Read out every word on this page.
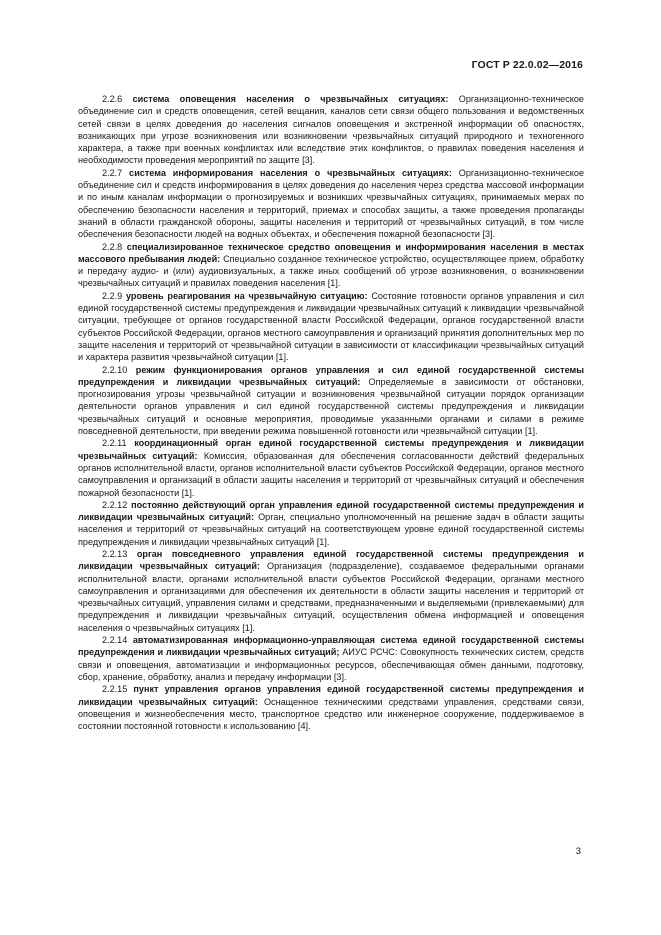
ГОСТ Р 22.0.02—2016

2.2.6 система оповещения населения о чрезвычайных ситуациях: Организационно-техническое объединение сил и средств оповещения, сетей вещания, каналов сети связи общего пользования и ведомственных сетей связи в целях доведения до населения сигналов оповещения и экстренной информации об опасностях, возникающих при угрозе возникновения или возникновении чрезвычайных ситуаций природного и техногенного характера, а также при военных конфликтах или вследствие этих конфликтов, о правилах поведения населения и необходимости проведения мероприятий по защите [3].

2.2.7 система информирования населения о чрезвычайных ситуациях: Организационно-техническое объединение сил и средств информирования в целях доведения до населения через средства массовой информации и по иным каналам информации о прогнозируемых и возникших чрезвычайных ситуациях, принимаемых мерах по обеспечению безопасности населения и территорий, приемах и способах защиты, а также проведения пропаганды знаний в области гражданской обороны, защиты населения и территорий от чрезвычайных ситуаций, в том числе обеспечения безопасности людей на водных объектах, и обеспечения пожарной безопасности [3].

2.2.8 специализированное техническое средство оповещения и информирования населения в местах массового пребывания людей: Специально созданное техническое устройство, осуществляющее прием, обработку и передачу аудио- и (или) аудиовизуальных, а также иных сообщений об угрозе возникновения, о возникновении чрезвычайных ситуаций и правилах поведения населения [1].

2.2.9 уровень реагирования на чрезвычайную ситуацию: Состояние готовности органов управления и сил единой государственной системы предупреждения и ликвидации чрезвычайных ситуаций к ликвидации чрезвычайной ситуации, требующее от органов государственной власти Российской Федерации, органов государственной власти субъектов Российской Федерации, органов местного самоуправления и организаций принятия дополнительных мер по защите населения и территорий от чрезвычайной ситуации в зависимости от классификации чрезвычайных ситуаций и характера развития чрезвычайной ситуации [1].

2.2.10 режим функционирования органов управления и сил единой государственной системы предупреждения и ликвидации чрезвычайных ситуаций: Определяемые в зависимости от обстановки, прогнозирования угрозы чрезвычайной ситуации и возникновения чрезвычайной ситуации порядок организации деятельности органов управления и сил единой государственной системы предупреждения и ликвидации чрезвычайных ситуаций и основные мероприятия, проводимые указанными органами и силами в режиме повседневной деятельности, при введении режима повышенной готовности или чрезвычайной ситуации [1].

2.2.11 координационный орган единой государственной системы предупреждения и ликвидации чрезвычайных ситуаций: Комиссия, образованная для обеспечения согласованности действий федеральных органов исполнительной власти, органов исполнительной власти субъектов Российской Федерации, органов местного самоуправления и организаций в области защиты населения и территорий от чрезвычайных ситуаций и обеспечения пожарной безопасности [1].

2.2.12 постоянно действующий орган управления единой государственной системы предупреждения и ликвидации чрезвычайных ситуаций: Орган, специально уполномоченный на решение задач в области защиты населения и территорий от чрезвычайных ситуаций на соответствующем уровне единой государственной системы предупреждения и ликвидации чрезвычайных ситуаций [1].

2.2.13 орган повседневного управления единой государственной системы предупреждения и ликвидации чрезвычайных ситуаций: Организация (подразделение), создаваемое федеральными органами исполнительной власти, органами исполнительной власти субъектов Российской Федерации, органами местного самоуправления и организациями для обеспечения их деятельности в области защиты населения и территорий от чрезвычайных ситуаций, управления силами и средствами, предназначенными и выделяемыми (привлекаемыми) для предупреждения и ликвидации чрезвычайных ситуаций, осуществления обмена информацией и оповещения населения о чрезвычайных ситуациях [1].

2.2.14 автоматизированная информационно-управляющая система единой государственной системы предупреждения и ликвидации чрезвычайных ситуаций; АИУС РСЧС: Совокупность технических систем, средств связи и оповещения, автоматизации и информационных ресурсов, обеспечивающая обмен данными, подготовку, сбор, хранение, обработку, анализ и передачу информации [3].

2.2.15 пункт управления органов управления единой государственной системы предупреждения и ликвидации чрезвычайных ситуаций: Оснащенное техническими средствами управления, средствами связи, оповещения и жизнеобеспечения место, транспортное средство или инженерное сооружение, поддерживаемое в состоянии постоянной готовности к использованию [4].

3
